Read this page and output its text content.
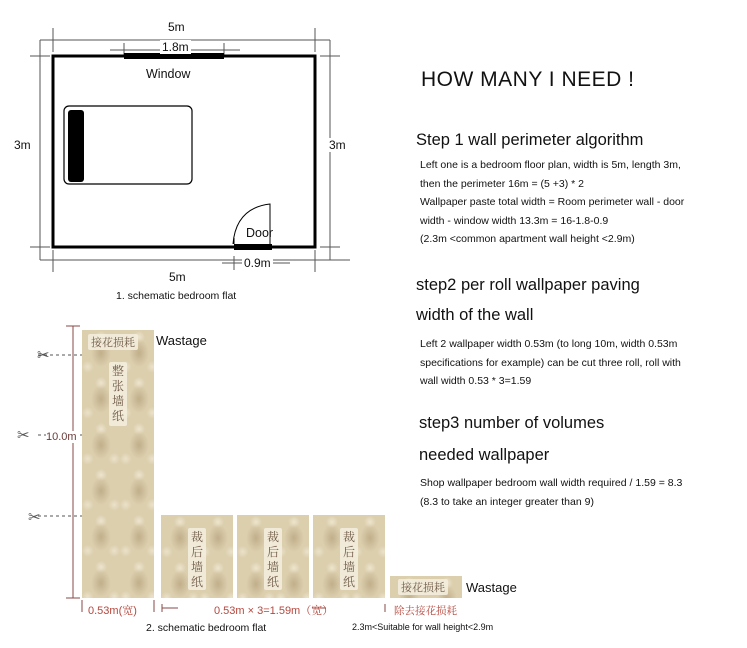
5m
1.8m
Window
3m	3m
Door
0.9m
5m
1. schematic bedroom flat
HOW MANY I NEED !
Step 1 wall perimeter algorithm
Left one is a bedroom floor plan, width is 5m, length 3m,
then the perimeter 16m = (5 +3) * 2
Wallpaper paste total width = Room perimeter wall - door
width - window width 13.3m = 16-1.8-0.9
(2.3m <common apartment wall height <2.9m)
step2 per roll wallpaper paving
width of the wall
Left 2 wallpaper width 0.53m (to long 10m, width 0.53m
specifications for example) can be cut three roll, roll with
wall width 0.53 * 3=1.59
step3 number of volumes
needed wallpaper
Shop wallpaper bedroom wall width required / 1.59 = 8.3
(8.3 to take an integer greater than 9)
接花损耗 Wastage
整张墙纸
10.0m
✂
✂
✂
裁后墙纸
裁后墙纸
裁后墙纸	接花损耗 Wastage
0.53m(宽)	0.53m × 3=1.59m（宽）	除去接花损耗
2.3m<Suitable for wall height<2.9m
2. schematic bedroom flat
